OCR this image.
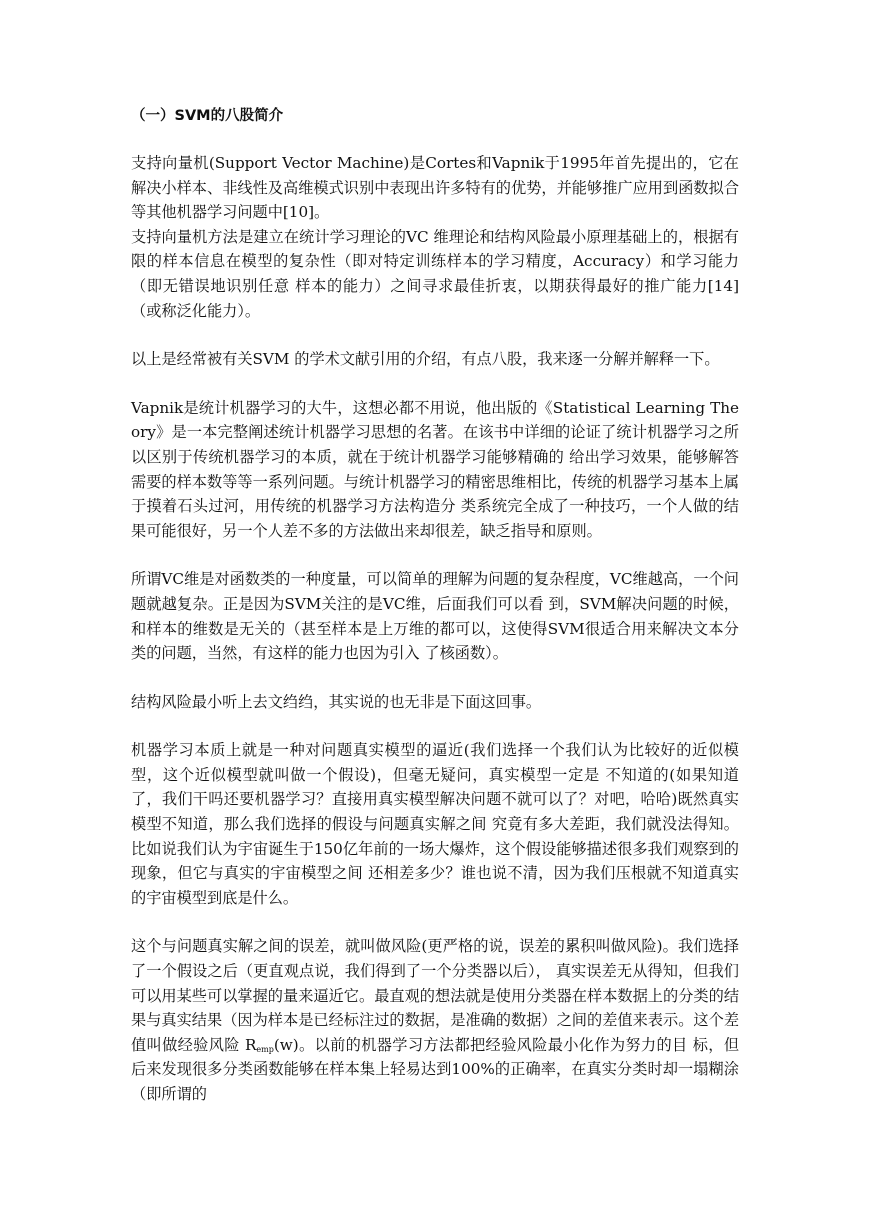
（一）SVM的八股简介

支持向量机(Support Vector Machine)是Cortes和Vapnik于1995年首先提出的，它在解决小样本、非线性及高维模式识别中表现出许多特有的优势，并能够推广应用到函数拟合等其他机器学习问题中[10]。

支持向量机方法是建立在统计学习理论的VC 维理论和结构风险最小原理基础上的，根据有限的样本信息在模型的复杂性（即对特定训练样本的学习精度，Accuracy）和学习能力（即无错误地识别任意 样本的能力）之间寻求最佳折衷，以期获得最好的推广能力[14]（或称泛化能力）。

以上是经常被有关SVM 的学术文献引用的介绍，有点八股，我来逐一分解并解释一下。

Vapnik是统计机器学习的大牛，这想必都不用说，他出版的《Statistical Learning Theory》是一本完整阐述统计机器学习思想的名著。在该书中详细的论证了统计机器学习之所以区别于传统机器学习的本质，就在于统计机器学习能够精确的 给出学习效果，能够解答需要的样本数等等一系列问题。与统计机器学习的精密思维相比，传统的机器学习基本上属于摸着石头过河，用传统的机器学习方法构造分 类系统完全成了一种技巧，一个人做的结果可能很好，另一个人差不多的方法做出来却很差，缺乏指导和原则。

所谓VC维是对函数类的一种度量，可以简单的理解为问题的复杂程度，VC维越高，一个问题就越复杂。正是因为SVM关注的是VC维，后面我们可以看 到，SVM解决问题的时候，和样本的维数是无关的（甚至样本是上万维的都可以，这使得SVM很适合用来解决文本分类的问题，当然，有这样的能力也因为引入 了核函数）。

结构风险最小听上去文绉绉，其实说的也无非是下面这回事。

机器学习本质上就是一种对问题真实模型的逼近(我们选择一个我们认为比较好的近似模型，这个近似模型就叫做一个假设)，但毫无疑问，真实模型一定是 不知道的(如果知道了，我们干吗还要机器学习？直接用真实模型解决问题不就可以了？对吧，哈哈)既然真实模型不知道，那么我们选择的假设与问题真实解之间 究竟有多大差距，我们就没法得知。比如说我们认为宇宙诞生于150亿年前的一场大爆炸，这个假设能够描述很多我们观察到的现象，但它与真实的宇宙模型之间 还相差多少？谁也说不清，因为我们压根就不知道真实的宇宙模型到底是什么。

这个与问题真实解之间的误差，就叫做风险(更严格的说，误差的累积叫做风险)。我们选择了一个假设之后（更直观点说，我们得到了一个分类器以后）， 真实误差无从得知，但我们可以用某些可以掌握的量来逼近它。最直观的想法就是使用分类器在样本数据上的分类的结果与真实结果（因为样本是已经标注过的数据，是准确的数据）之间的差值来表示。这个差值叫做经验风险 $R_{emp}(w)$。以前的机器学习方法都把经验风险最小化作为努力的目 标，但后来发现很多分类函数能够在样本集上轻易达到100%的正确率，在真实分类时却一塌糊涂（即所谓的
